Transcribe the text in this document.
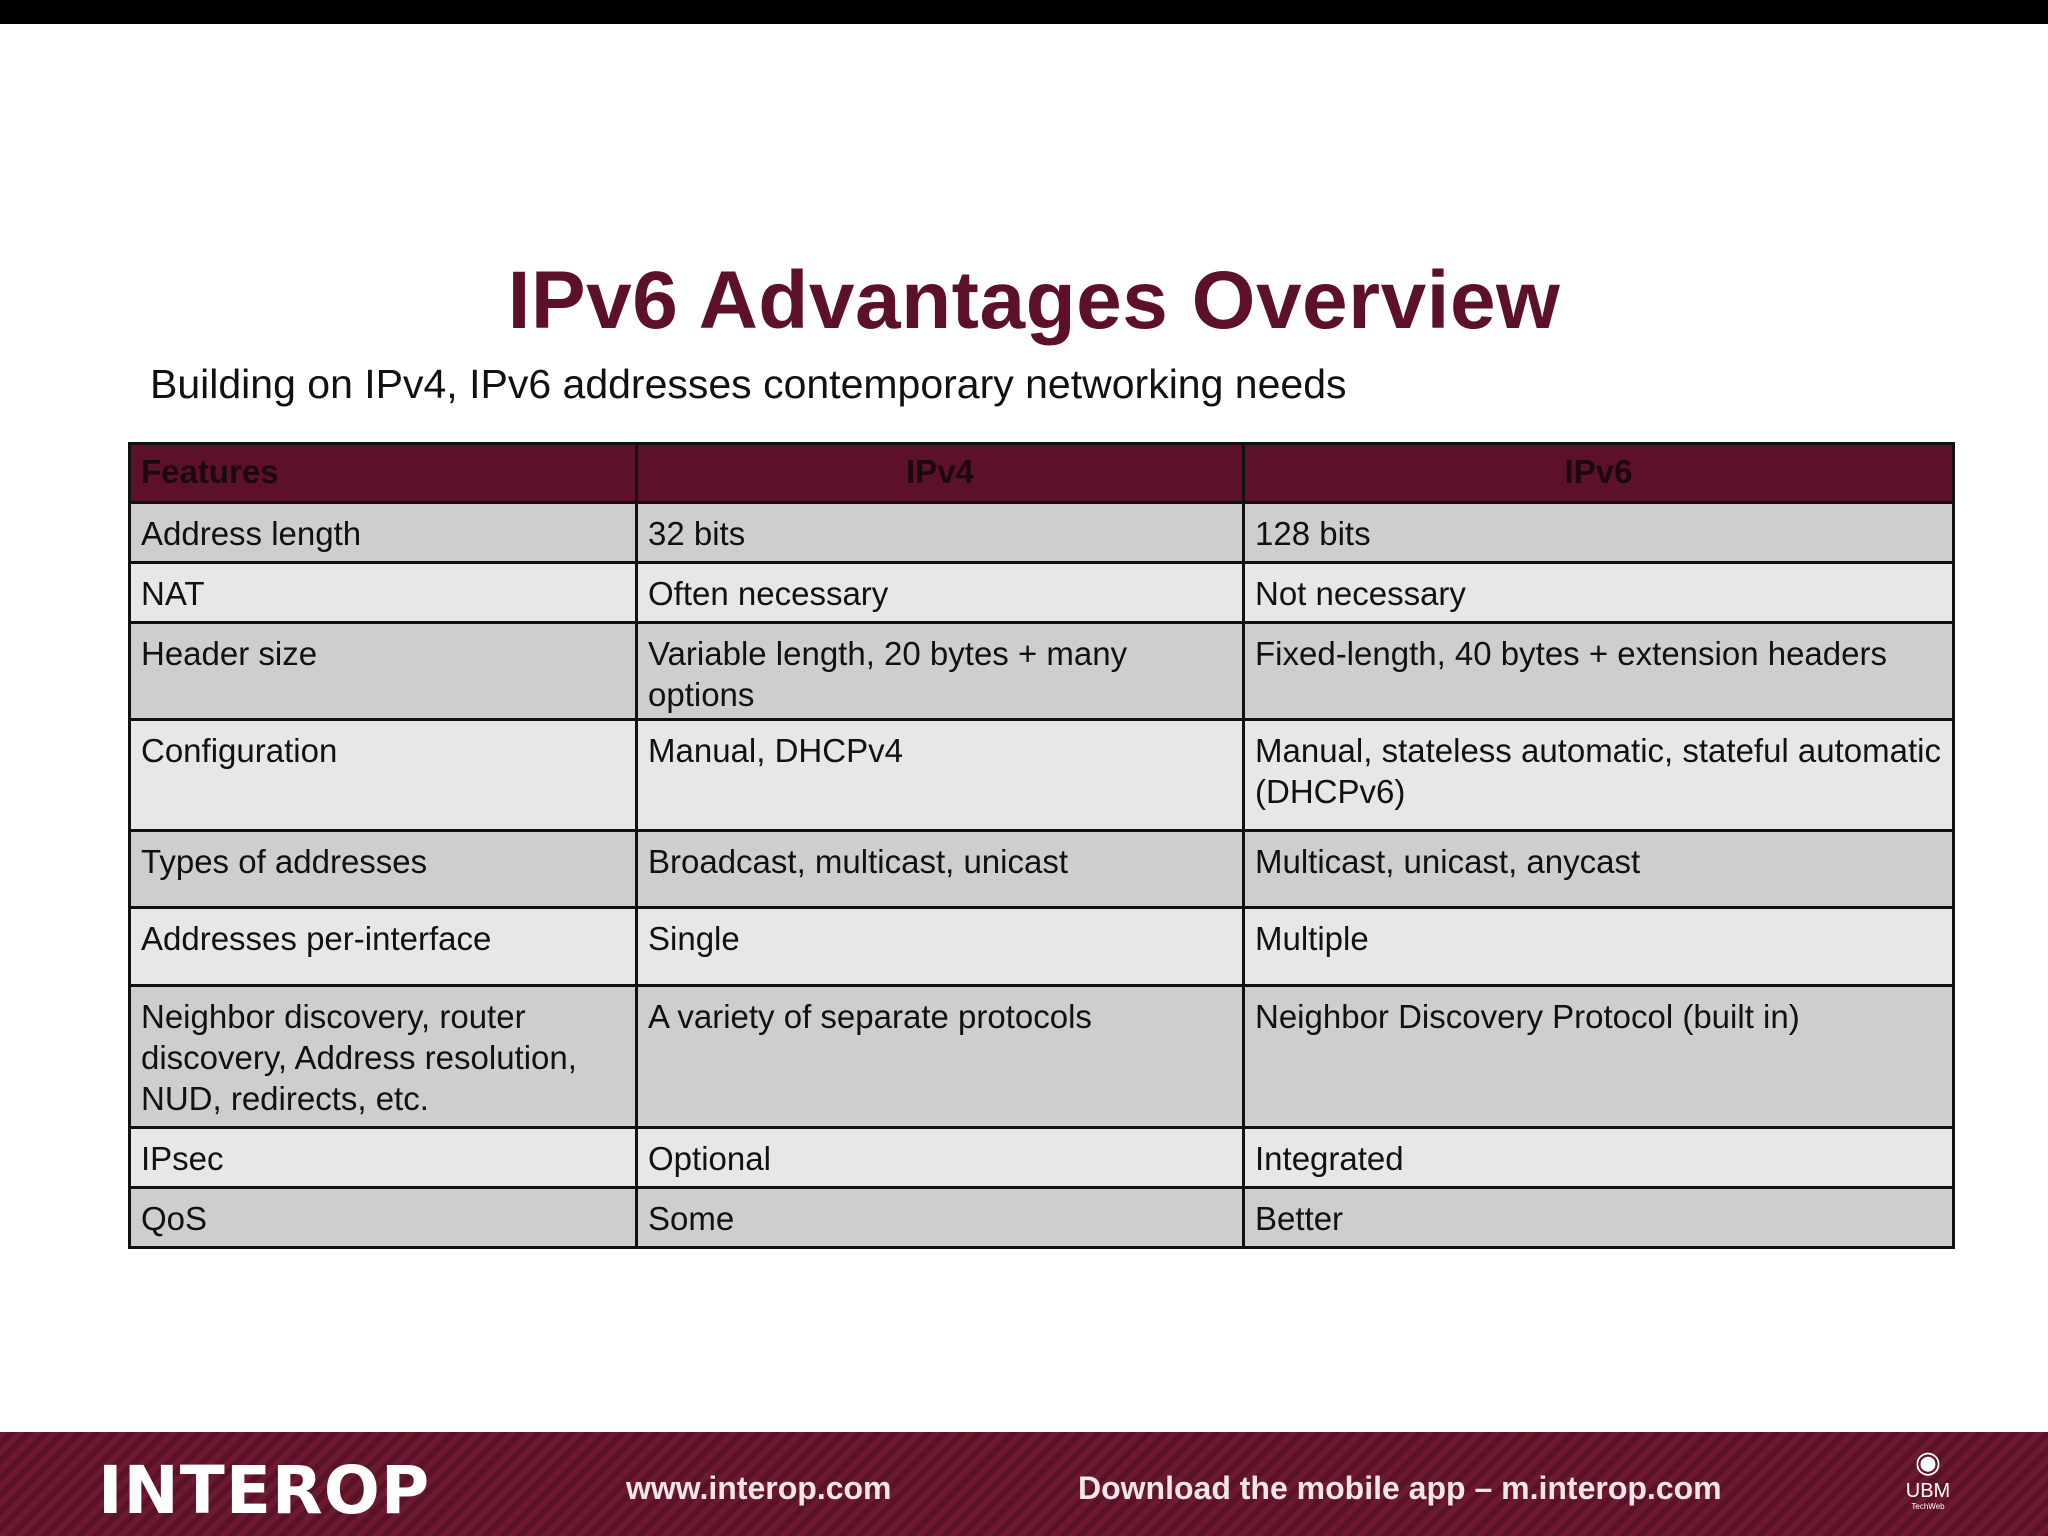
IPv6 Advantages Overview
Building on IPv4, IPv6 addresses contemporary networking needs
Features	IPv4	IPv6
Address length	32 bits	128 bits
NAT	Often necessary	Not necessary
Header size	Variable length, 20 bytes + many options	Fixed-length, 40 bytes + extension headers
Configuration	Manual, DHCPv4	Manual, stateless automatic, stateful automatic (DHCPv6)
Types of addresses	Broadcast, multicast, unicast	Multicast, unicast, anycast
Addresses per-interface	Single	Multiple
Neighbor discovery, router discovery, Address resolution, NUD, redirects, etc.	A variety of separate protocols	Neighbor Discovery Protocol (built in)
IPsec	Optional	Integrated
QoS	Some	Better
INTEROP	www.interop.com	Download the mobile app – m.interop.com
◉
UBM
TechWeb
